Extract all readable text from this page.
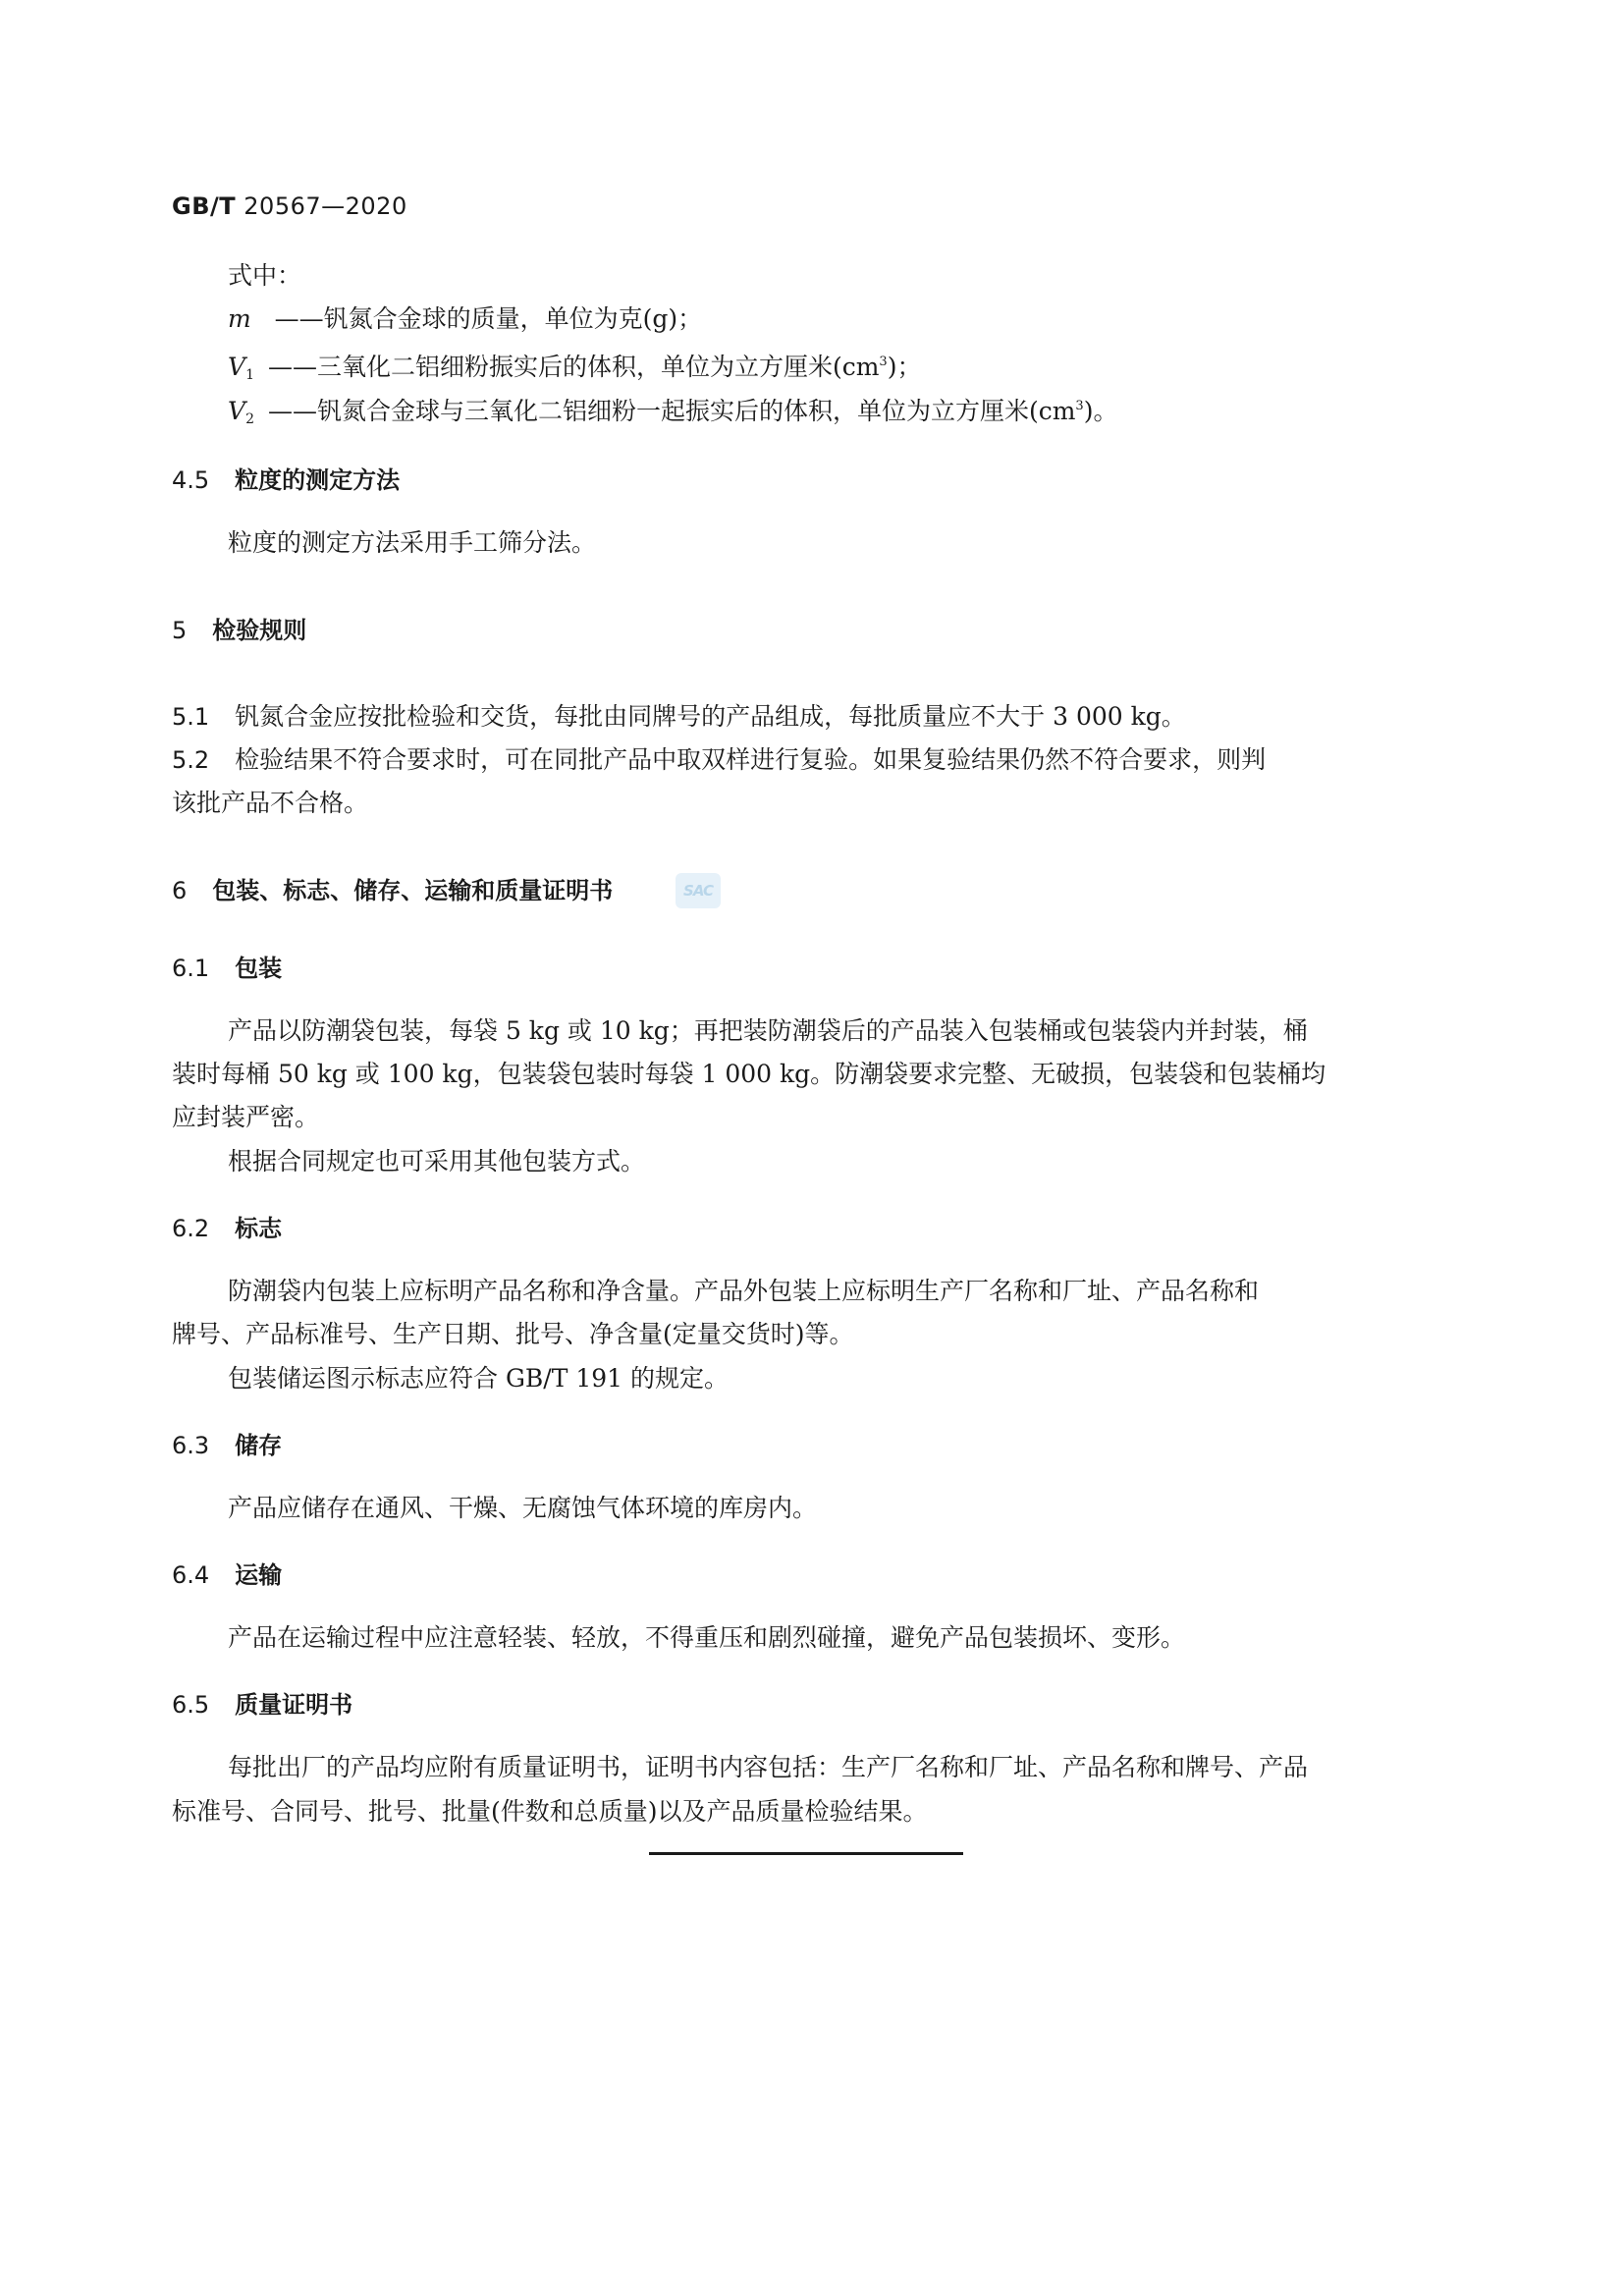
GB/T 20567—2020
式中：
m ——钒氮合金球的质量，单位为克(g)；
$V_1$ ——三氧化二铝细粉振实后的体积，单位为立方厘米$(cm^3)$；
$V_2$ ——钒氮合金球与三氧化二铝细粉一起振实后的体积，单位为立方厘米$(cm^3)$。
4.5 粒度的测定方法
粒度的测定方法采用手工筛分法。
5 检验规则
5.1 钒氮合金应按批检验和交货，每批由同牌号的产品组成，每批质量应不大于 3 000 kg。
5.2 检验结果不符合要求时，可在同批产品中取双样进行复验。如果复验结果仍然不符合要求，则判
该批产品不合格。
6 包装、标志、储存、运输和质量证明书	SAC
6.1 包装
产品以防潮袋包装，每袋 5 kg 或 10 kg；再把装防潮袋后的产品装入包装桶或包装袋内并封装，桶
装时每桶 50 kg 或 100 kg，包装袋包装时每袋 1 000 kg。防潮袋要求完整、无破损，包装袋和包装桶均
应封装严密。
根据合同规定也可采用其他包装方式。
6.2 标志
防潮袋内包装上应标明产品名称和净含量。产品外包装上应标明生产厂名称和厂址、产品名称和
牌号、产品标准号、生产日期、批号、净含量(定量交货时)等。
包装储运图示标志应符合 GB/T 191 的规定。
6.3 储存
产品应储存在通风、干燥、无腐蚀气体环境的库房内。
6.4 运输
产品在运输过程中应注意轻装、轻放，不得重压和剧烈碰撞，避免产品包装损坏、变形。
6.5 质量证明书
每批出厂的产品均应附有质量证明书，证明书内容包括：生产厂名称和厂址、产品名称和牌号、产品
标准号、合同号、批号、批量(件数和总质量)以及产品质量检验结果。
